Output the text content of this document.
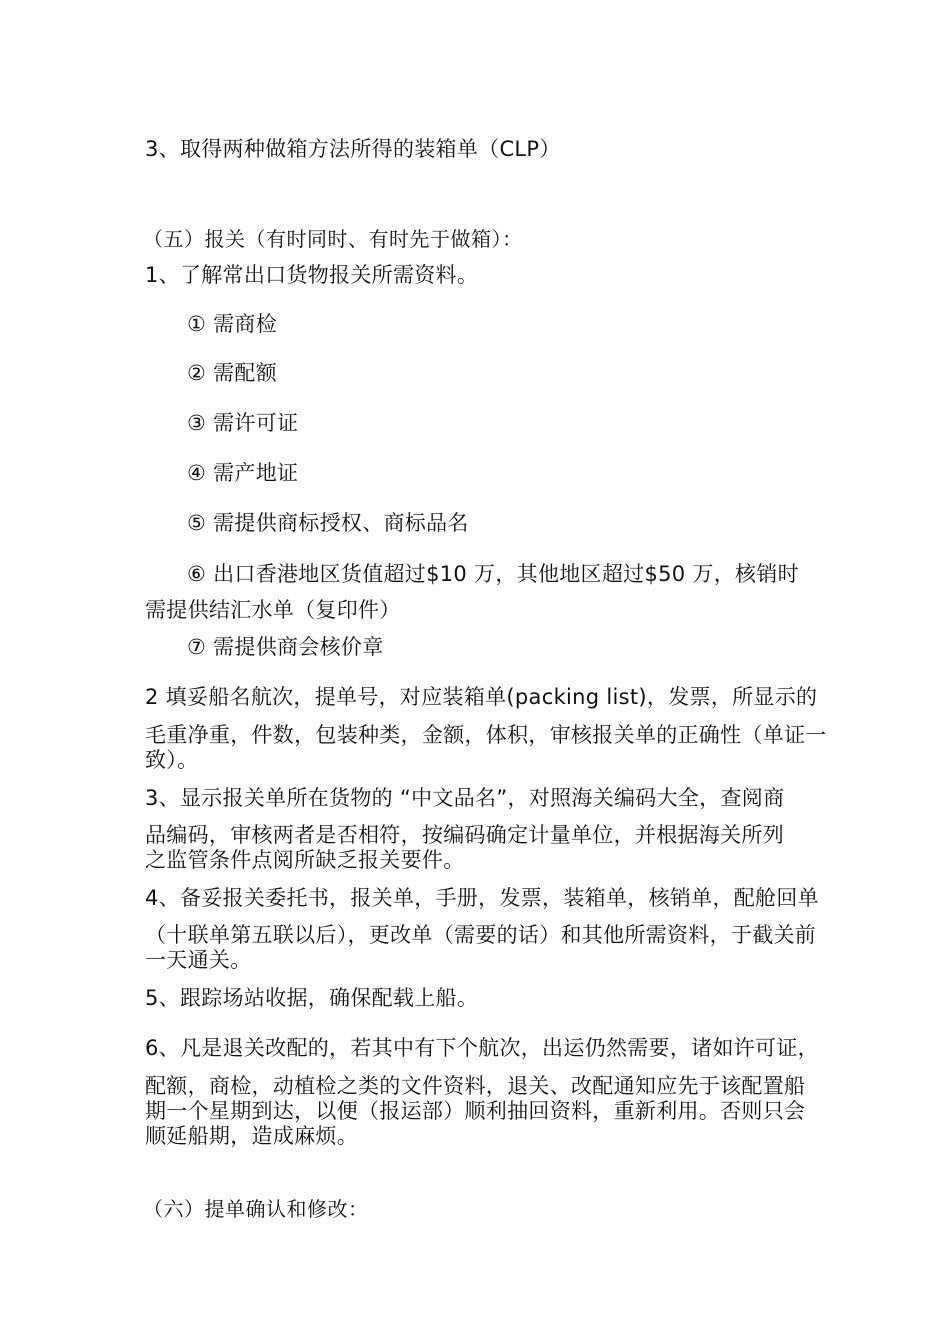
3、取得两种做箱方法所得的装箱单（CLP）
（五）报关（有时同时、有时先于做箱）：
1、了解常出口货物报关所需资料。
① 需商检
② 需配额
③ 需许可证
④ 需产地证
⑤ 需提供商标授权、商标品名
⑥ 出口香港地区货值超过$10 万，其他地区超过$50 万，核销时
需提供结汇水单（复印件）
⑦ 需提供商会核价章
2 填妥船名航次，提单号，对应装箱单(packing list)，发票，所显示的
毛重净重，件数，包装种类，金额，体积，审核报关单的正确性（单证一
致）。
3、显示报关单所在货物的 “中文品名”，对照海关编码大全，查阅商
品编码，审核两者是否相符，按编码确定计量单位，并根据海关所列
之监管条件点阅所缺乏报关要件。
4、备妥报关委托书，报关单，手册，发票，装箱单，核销单，配舱回单
（十联单第五联以后），更改单（需要的话）和其他所需资料，于截关前
一天通关。
5、跟踪场站收据，确保配载上船。
6、凡是退关改配的，若其中有下个航次，出运仍然需要，诸如许可证，
配额，商检，动植检之类的文件资料，退关、改配通知应先于该配置船
期一个星期到达，以便（报运部）顺利抽回资料，重新利用。否则只会
顺延船期，造成麻烦。
（六）提单确认和修改：
